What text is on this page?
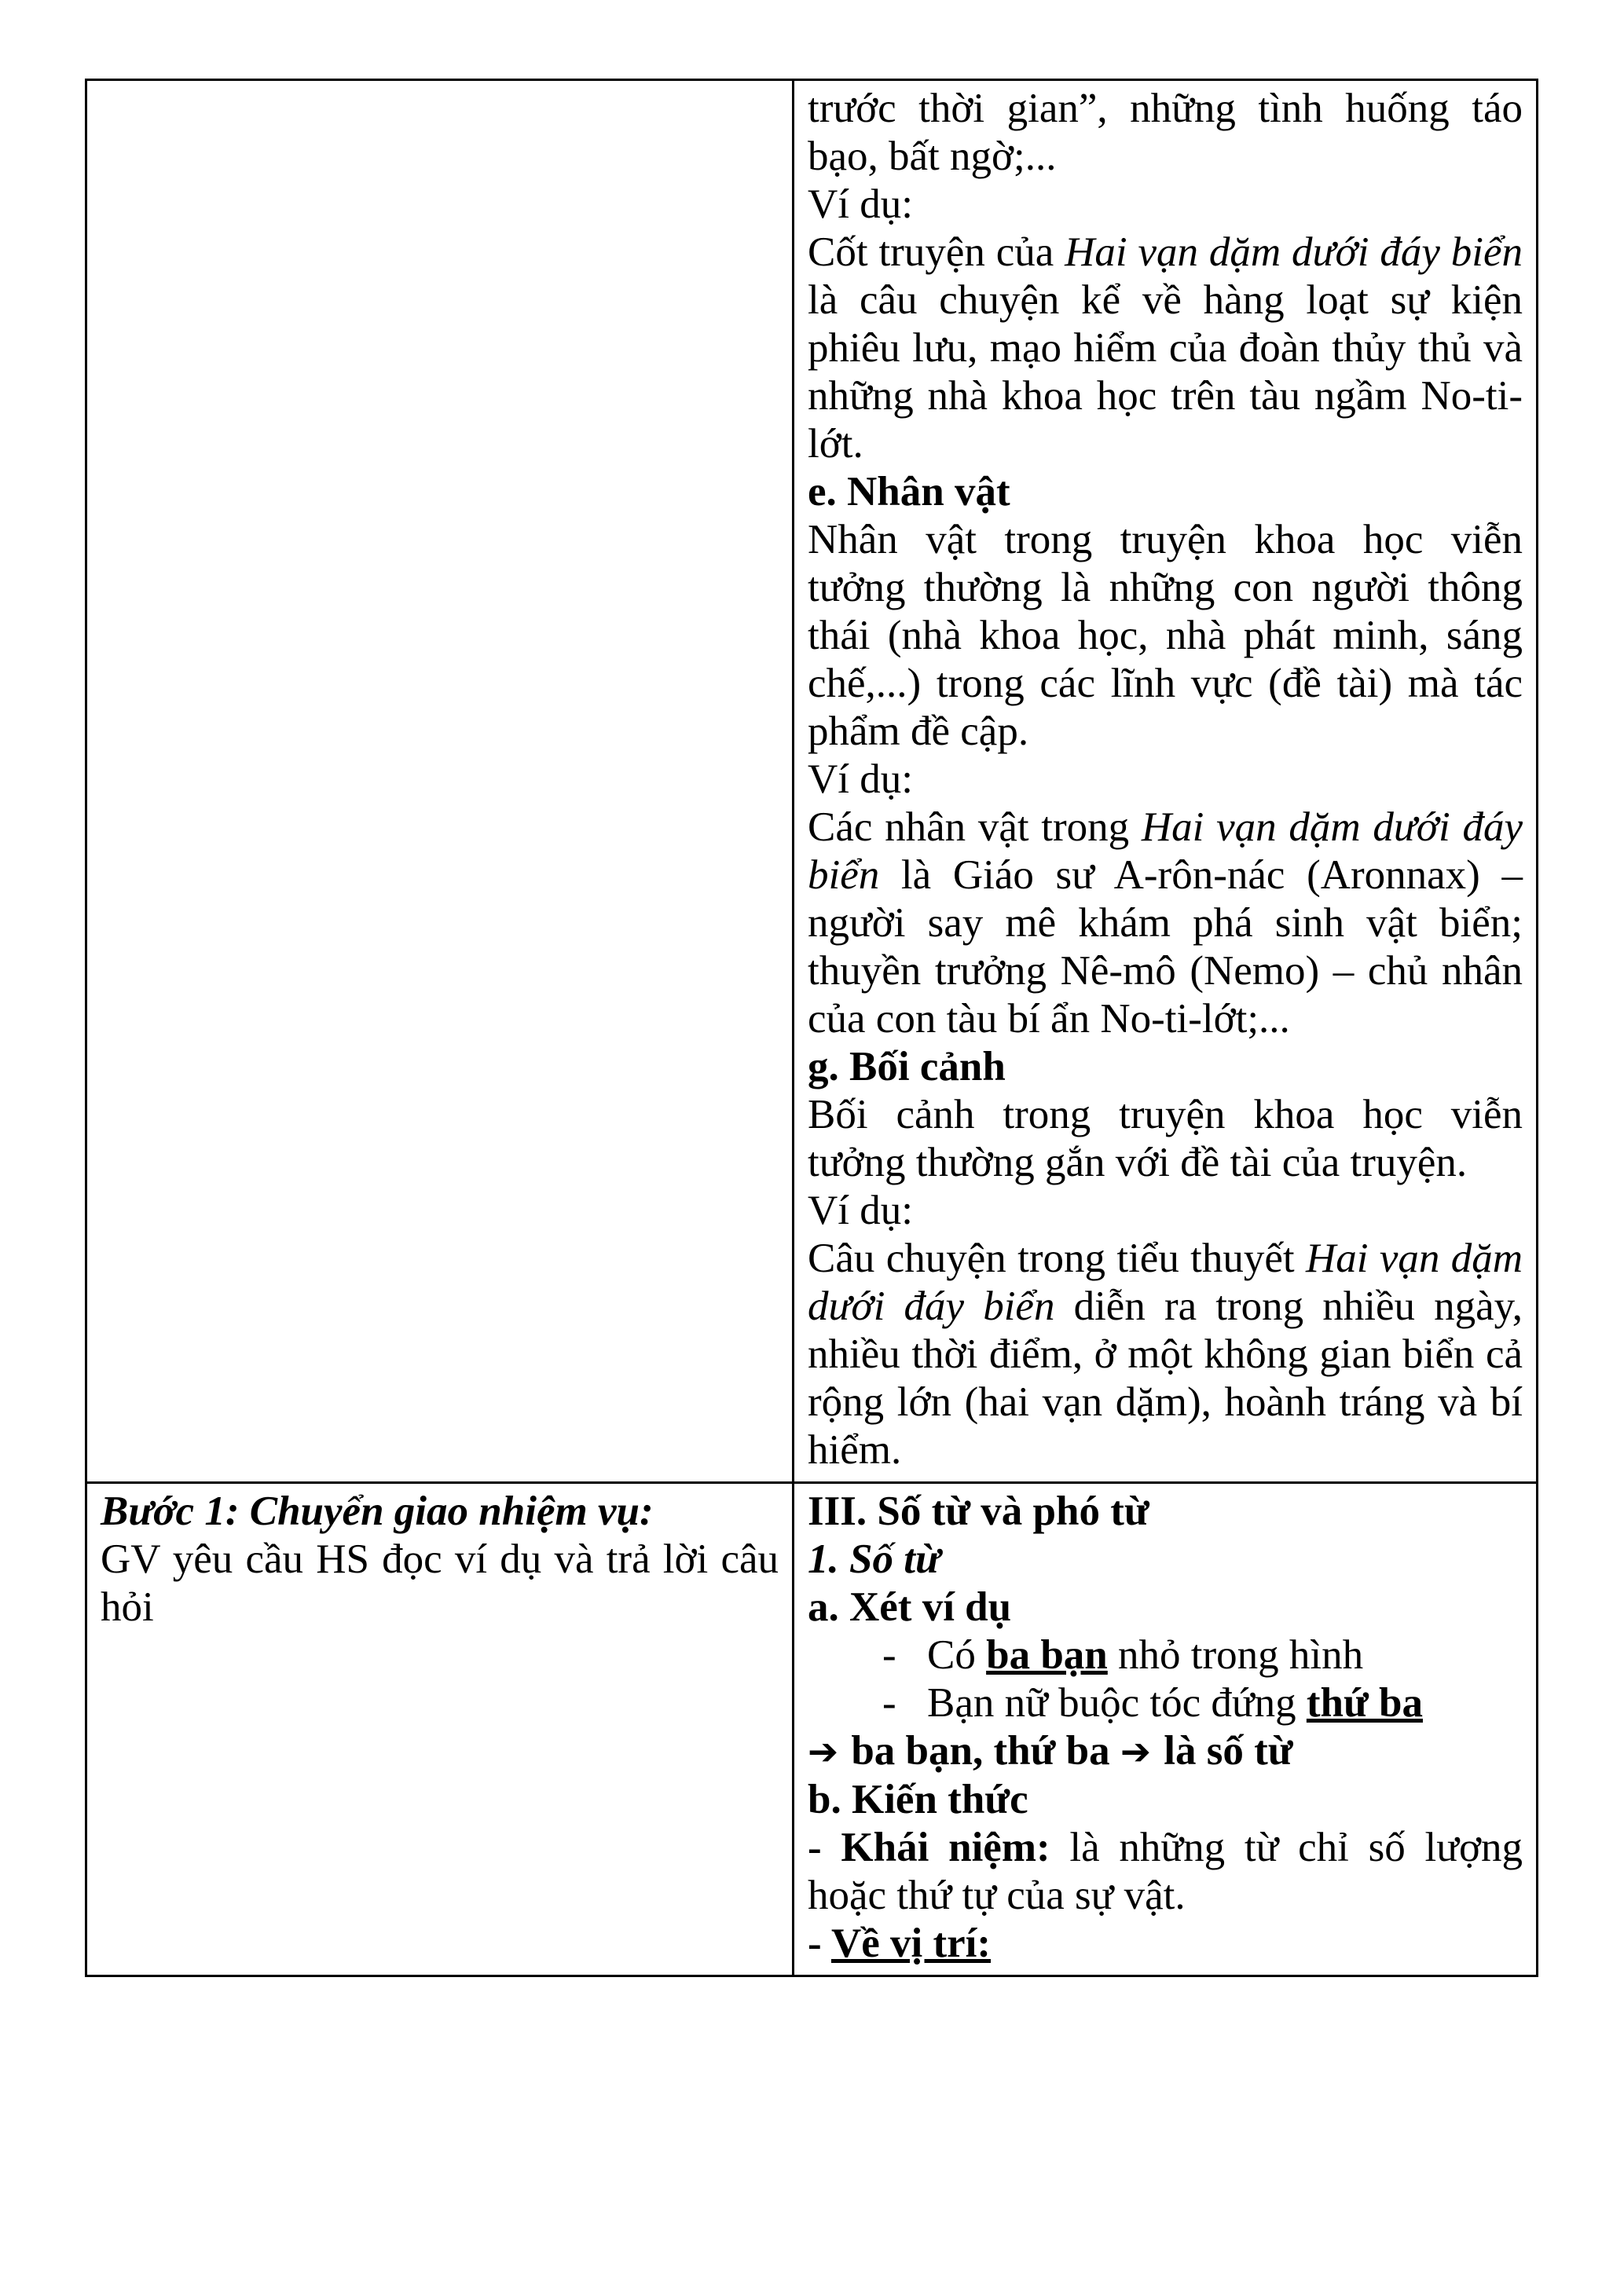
trước thời gian”, những tình huống táo bạo, bất ngờ;...
Ví dụ:
Cốt truyện của Hai vạn dặm dưới đáy biển là câu chuyện kể về hàng loạt sự kiện phiêu lưu, mạo hiểm của đoàn thủy thủ và những nhà khoa học trên tàu ngầm No-ti-lớt.
e. Nhân vật
Nhân vật trong truyện khoa học viễn tưởng thường là những con người thông thái (nhà khoa học, nhà phát minh, sáng chế,...) trong các lĩnh vực (đề tài) mà tác phẩm đề cập.
Ví dụ:
Các nhân vật trong Hai vạn dặm dưới đáy biển là Giáo sư A-rôn-nác (Aronnax) – người say mê khám phá sinh vật biển; thuyền trưởng Nê-mô (Nemo) – chủ nhân của con tàu bí ẩn No-ti-lớt;...
g. Bối cảnh
Bối cảnh trong truyện khoa học viễn tưởng thường gắn với đề tài của truyện.
Ví dụ:
Câu chuyện trong tiểu thuyết Hai vạn dặm dưới đáy biển diễn ra trong nhiều ngày, nhiều thời điểm, ở một không gian biển cả rộng lớn (hai vạn dặm), hoành tráng và bí hiểm.
Bước 1: Chuyển giao nhiệm vụ:
GV yêu cầu HS đọc ví dụ và trả lời câu hỏi
III. Số từ và phó từ
1. Số từ
a. Xét ví dụ
- Có ba bạn nhỏ trong hình
- Bạn nữ buộc tóc đứng thứ ba
➔ ba bạn, thứ ba ➔ là số từ
b. Kiến thức
- Khái niệm: là những từ chỉ số lượng hoặc thứ tự của sự vật.
- Về vị trí:
